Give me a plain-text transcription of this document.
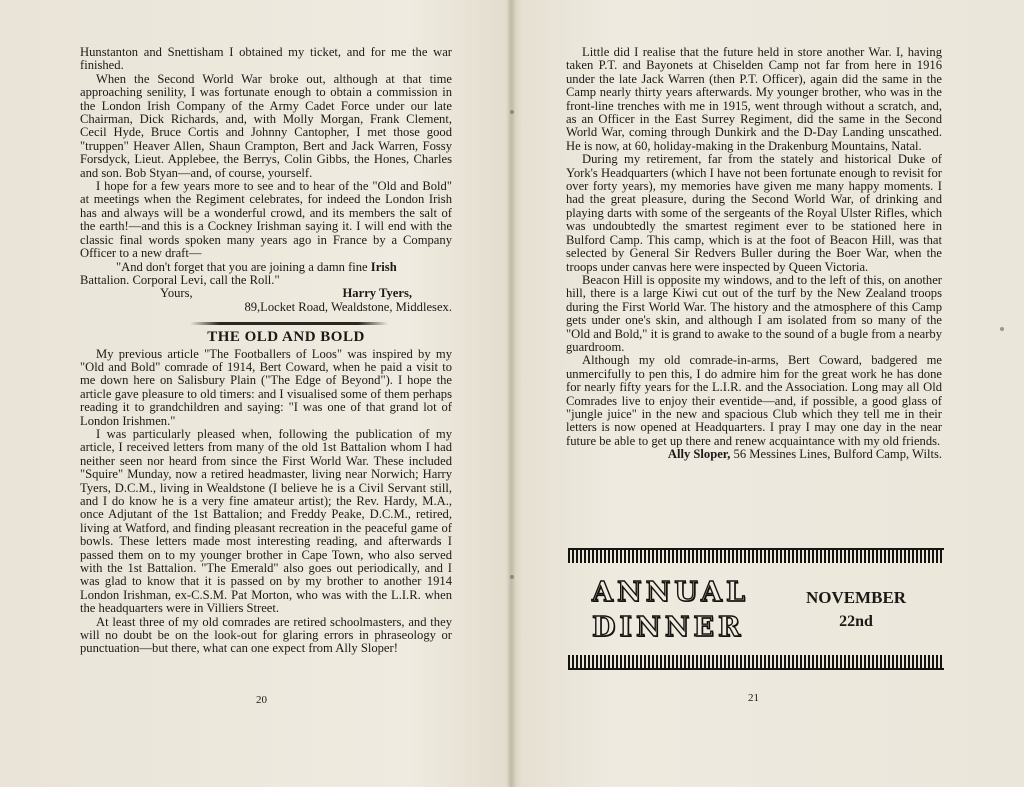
Hunstanton and Snettisham I obtained my ticket, and for me the war finished.

When the Second World War broke out, although at that time approaching senility, I was fortunate enough to obtain a commission in the London Irish Company of the Army Cadet Force under our late Chairman, Dick Richards, and, with Molly Morgan, Frank Clement, Cecil Hyde, Bruce Cortis and Johnny Cantopher, I met those good "truppen" Heaver Allen, Shaun Crampton, Bert and Jack Warren, Fossy Forsdyck, Lieut. Applebee, the Berrys, Colin Gibbs, the Hones, Charles and son. Bob Styan—and, of course, yourself.

I hope for a few years more to see and to hear of the "Old and Bold" at meetings when the Regiment celebrates, for indeed the London Irish has and always will be a wonderful crowd, and its members the salt of the earth!—and this is a Cockney Irishman saying it. I will end with the classic final words spoken many years ago in France by a Company Officer to a new draft—

"And don't forget that you are joining a damn fine Irish

Battalion. Corporal Levi, call the Roll."

Yours,	Harry Tyers,

89,Locket Road, Wealdstone, Middlesex.

THE OLD AND BOLD

My previous article "The Footballers of Loos" was inspired by my "Old and Bold" comrade of 1914, Bert Coward, when he paid a visit to me down here on Salisbury Plain ("The Edge of Beyond"). I hope the article gave pleasure to old timers: and I visualised some of them perhaps reading it to grandchildren and saying: "I was one of that grand lot of London Irishmen."

I was particularly pleased when, following the publication of my article, I received letters from many of the old 1st Battalion whom I had neither seen nor heard from since the First World War. These included "Squire" Munday, now a retired headmaster, living near Norwich; Harry Tyers, D.C.M., living in Wealdstone (I believe he is a Civil Servant still, and I do know he is a very fine amateur artist); the Rev. Hardy, M.A., once Adjutant of the 1st Battalion; and Freddy Peake, D.C.M., retired, living at Watford, and finding pleasant recreation in the peaceful game of bowls. These letters made most interesting reading, and afterwards I passed them on to my younger brother in Cape Town, who also served with the 1st Battalion. "The Emerald" also goes out periodically, and I was glad to know that it is passed on by my brother to another 1914 London Irishman, ex-C.S.M. Pat Morton, who was with the L.I.R. when the headquarters were in Villiers Street.

At least three of my old comrades are retired schoolmasters, and they will no doubt be on the look-out for glaring errors in phraseology or punctuation—but there, what can one expect from Ally Sloper!

20

Little did I realise that the future held in store another War. I, having taken P.T. and Bayonets at Chiselden Camp not far from here in 1916 under the late Jack Warren (then P.T. Officer), again did the same in the Camp nearly thirty years afterwards. My younger brother, who was in the front-line trenches with me in 1915, went through without a scratch, and, as an Officer in the East Surrey Regiment, did the same in the Second World War, coming through Dunkirk and the D-Day Landing unscathed. He is now, at 60, holiday-making in the Drakenburg Mountains, Natal.

During my retirement, far from the stately and historical Duke of York's Headquarters (which I have not been fortunate enough to revisit for over forty years), my memories have given me many happy moments. I had the great pleasure, during the Second World War, of drinking and playing darts with some of the sergeants of the Royal Ulster Rifles, which was undoubtedly the smartest regiment ever to be stationed here in Bulford Camp. This camp, which is at the foot of Beacon Hill, was that selected by General Sir Redvers Buller during the Boer War, when the troops under canvas here were inspected by Queen Victoria.

Beacon Hill is opposite my windows, and to the left of this, on another hill, there is a large Kiwi cut out of the turf by the New Zealand troops during the First World War. The history and the atmosphere of this Camp gets under one's skin, and although I am isolated from so many of the "Old and Bold," it is grand to awake to the sound of a bugle from a nearby guardroom.

Although my old comrade-in-arms, Bert Coward, badgered me unmercifully to pen this, I do admire him for the great work he has done for nearly fifty years for the L.I.R. and the Association. Long may all Old Comrades live to enjoy their eventide—and, if possible, a good glass of "jungle juice" in the new and spacious Club which they tell me in their letters is now opened at Headquarters. I pray I may one day in the near future be able to get up there and renew acquaintance with my old friends.

Ally Sloper, 56 Messines Lines, Bulford Camp, Wilts.

ANNUAL
DINNER
NOVEMBER
22nd
21
